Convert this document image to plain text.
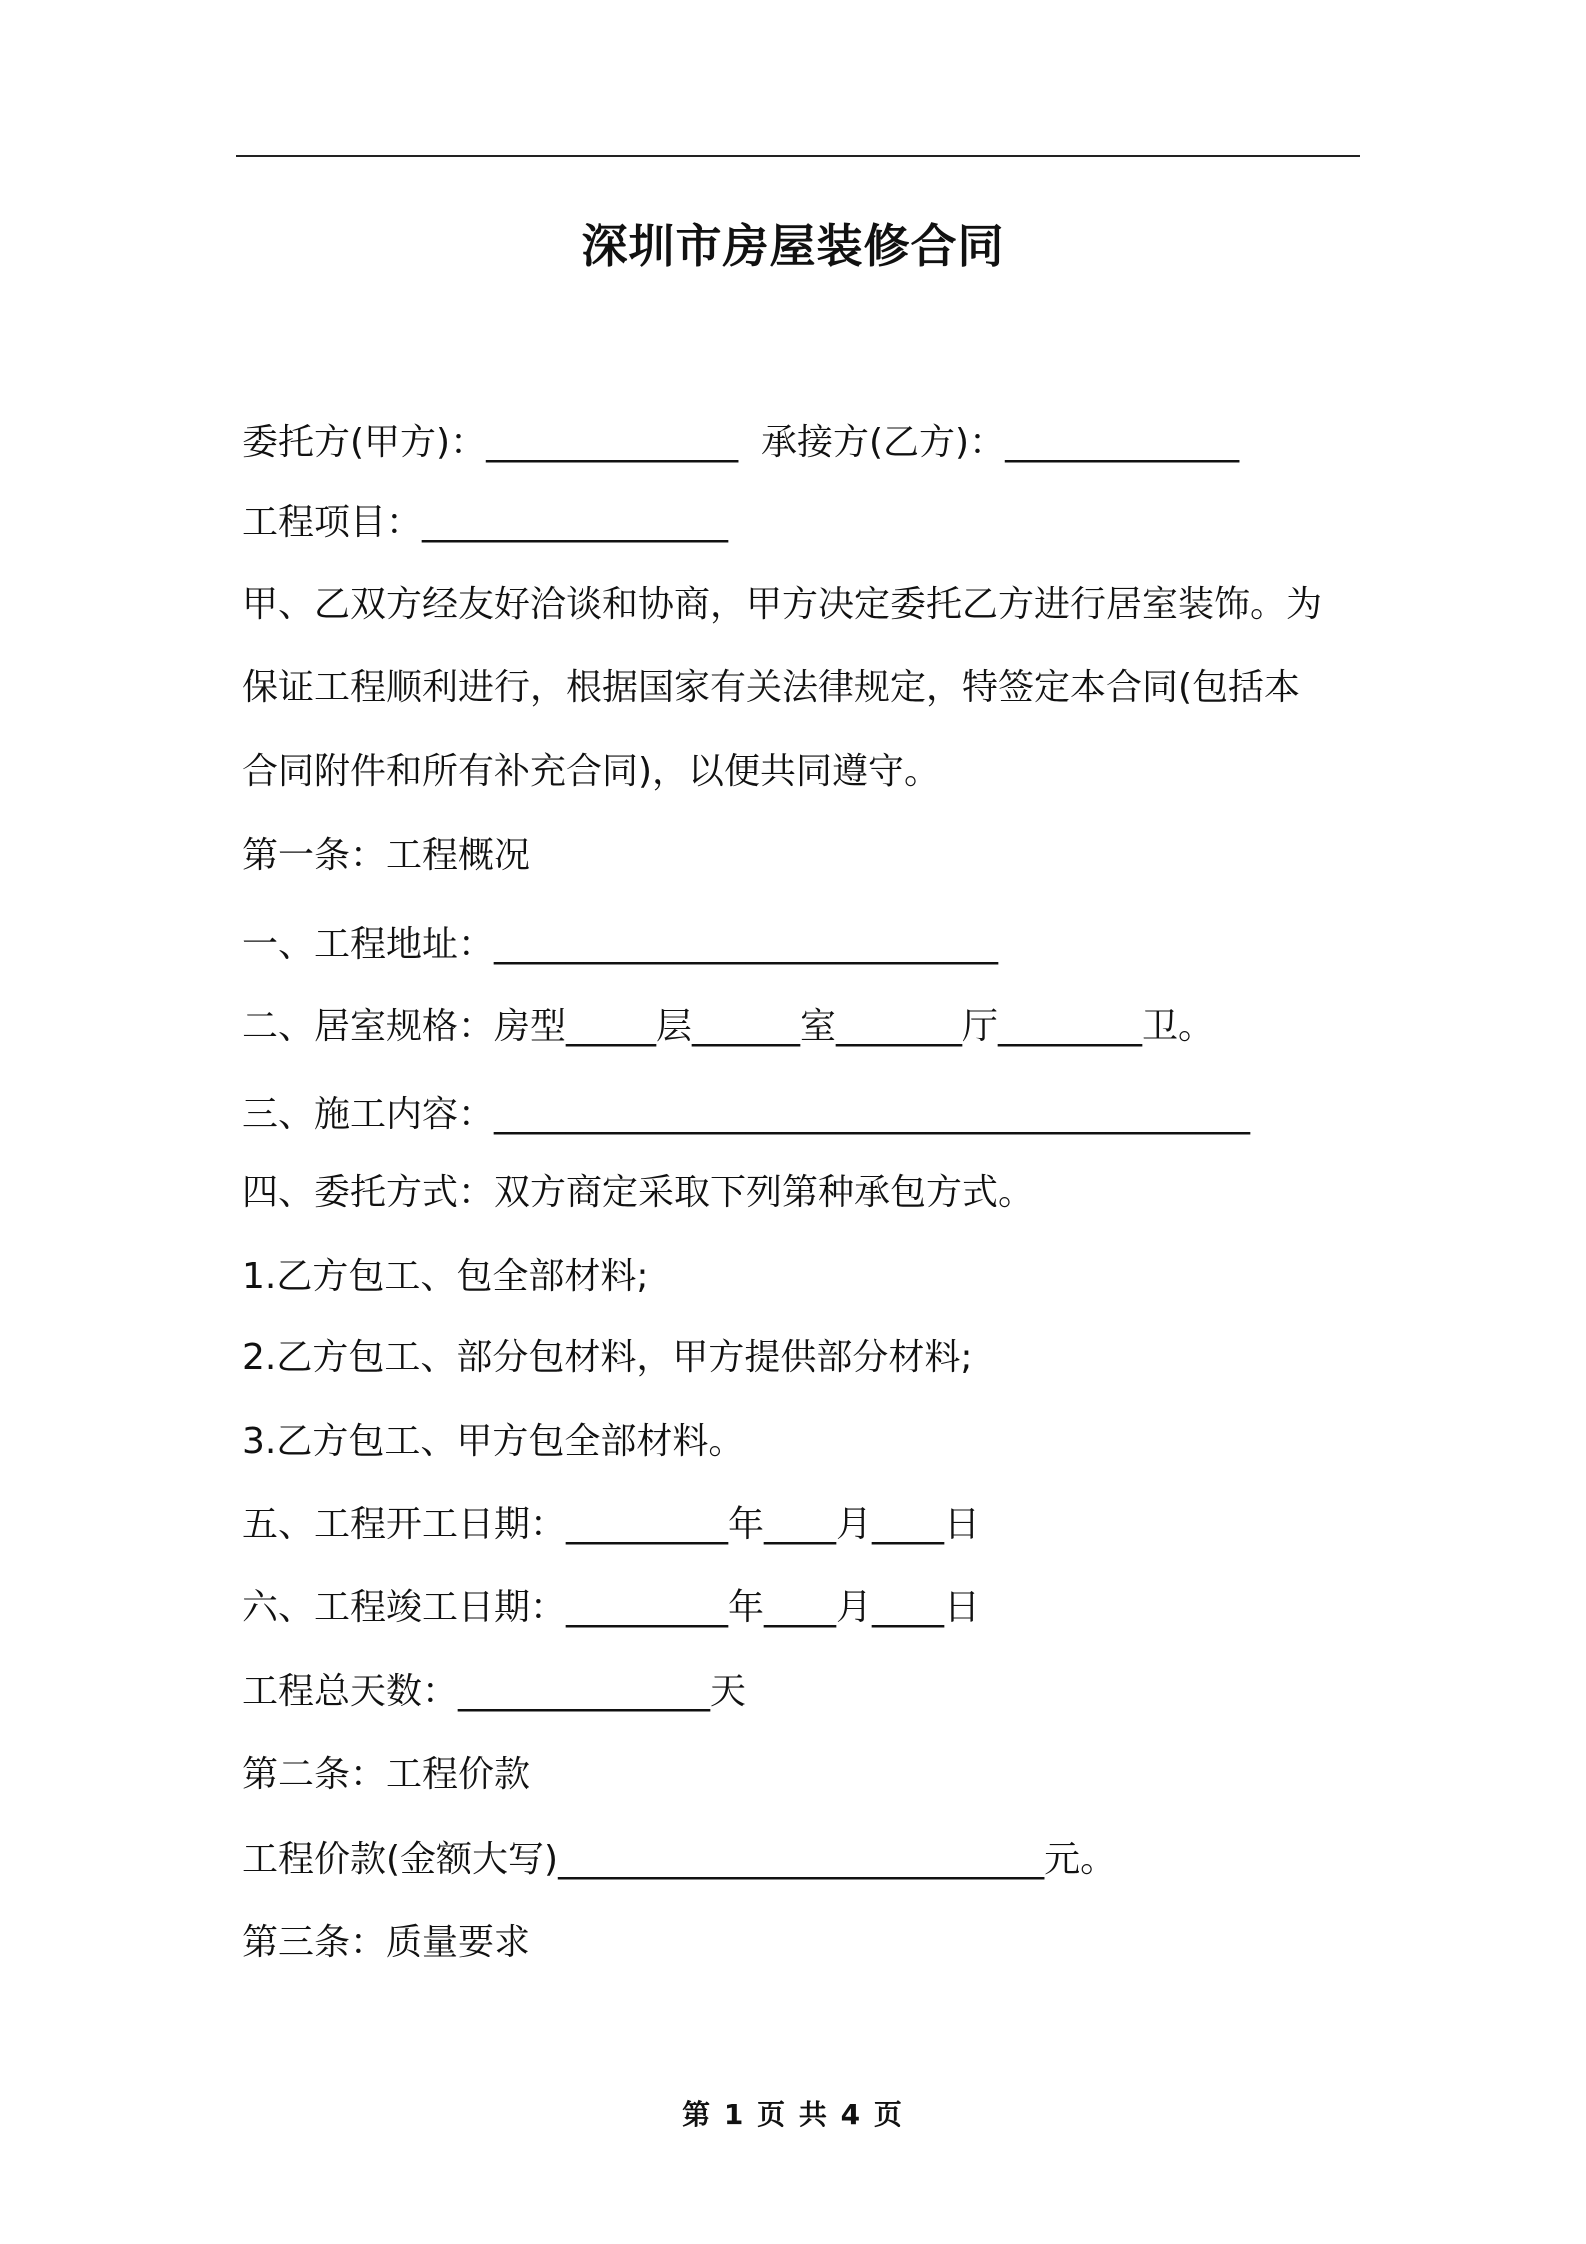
深圳市房屋装修合同
委托方(甲方)：______________  承接方(乙方)：_____________
工程项目：_________________
甲、乙双方经友好洽谈和协商，甲方决定委托乙方进行居室装饰。为
保证工程顺利进行，根据国家有关法律规定，特签定本合同(包括本
合同附件和所有补充合同)，以便共同遵守。
第一条：工程概况
一、工程地址：____________________________
二、居室规格：房型_____层______室_______厅________卫。
三、施工内容：__________________________________________
四、委托方式：双方商定采取下列第种承包方式。
1.乙方包工、包全部材料;
2.乙方包工、部分包材料，甲方提供部分材料;
3.乙方包工、甲方包全部材料。
五、工程开工日期：_________年____月____日
六、工程竣工日期：_________年____月____日
工程总天数：______________天
第二条：工程价款
工程价款(金额大写)___________________________元。
第三条：质量要求
第 1 页 共 4 页
